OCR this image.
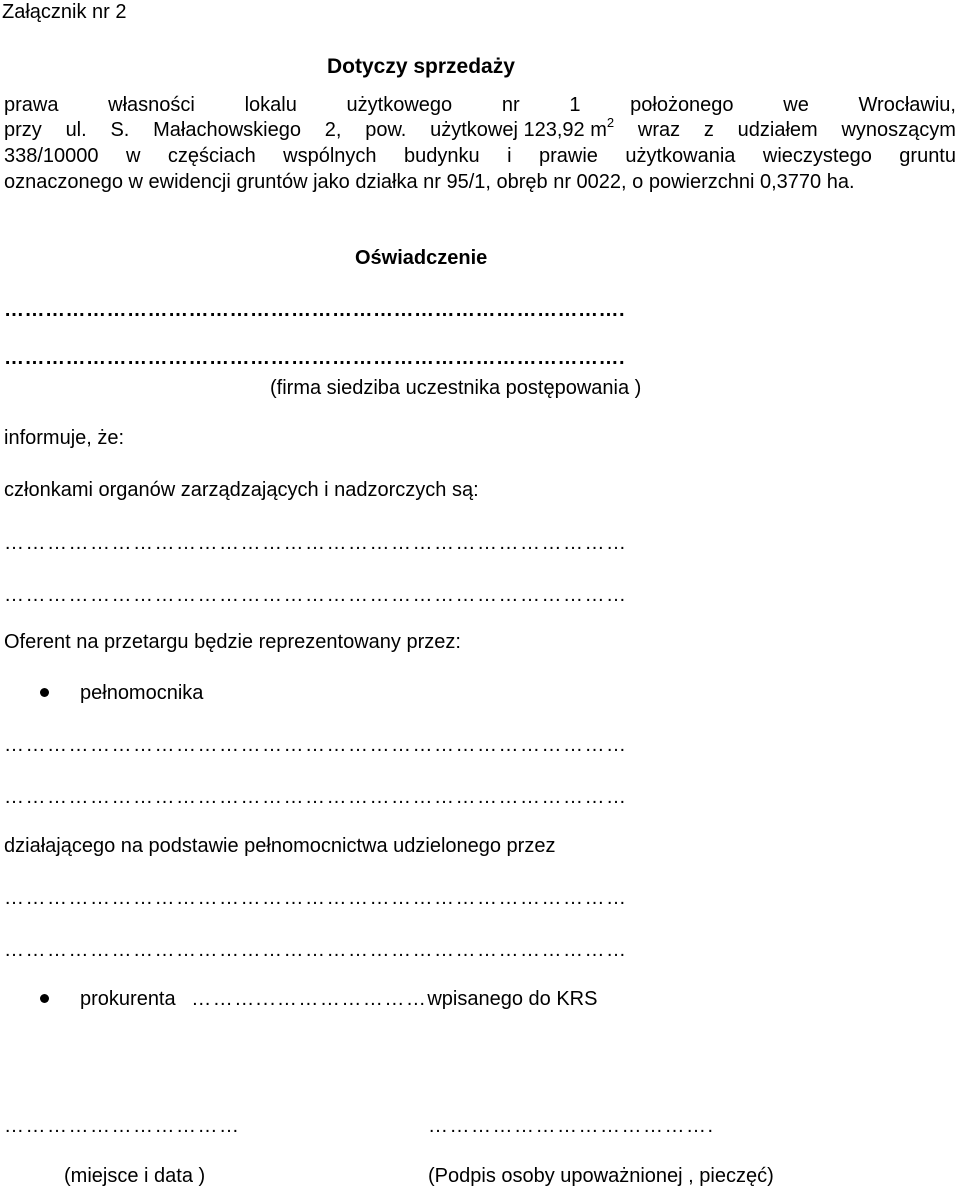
Załącznik nr 2
Dotyczy sprzedaży
prawa własności lokalu użytkowego nr 1 położonego we Wrocławiu,
przy ul. S. Małachowskiego 2, pow. użytkowej 123,92 $m^2$ wraz z udziałem wynoszącym
338/10000 w częściach wspólnych budynku i prawie użytkowania wieczystego gruntu
oznaczonego w ewidencji gruntów jako działka nr 95/1, obręb nr 0022, o powierzchni 0,3770 ha.
Oświadczenie
……………………………………………………………………………….
……………………………………………………………………………….
(firma siedziba uczestnika postępowania )
informuje, że:
członkami organów zarządzających i nadzorczych są:
……………………………………………………………………………
……………………………………………………………………………
Oferent na przetargu będzie reprezentowany przez:
pełnomocnika
……………………………………………………………………………
……………………………………………………………………………
działającego na podstawie pełnomocnictwa udzielonego przez
……………………………………………………………………………
……………………………………………………………………………
prokurenta ………...…………………wpisanego do KRS
……………………………	………………………………….
(miejsce i data )	(Podpis osoby upoważnionej , pieczęć)
